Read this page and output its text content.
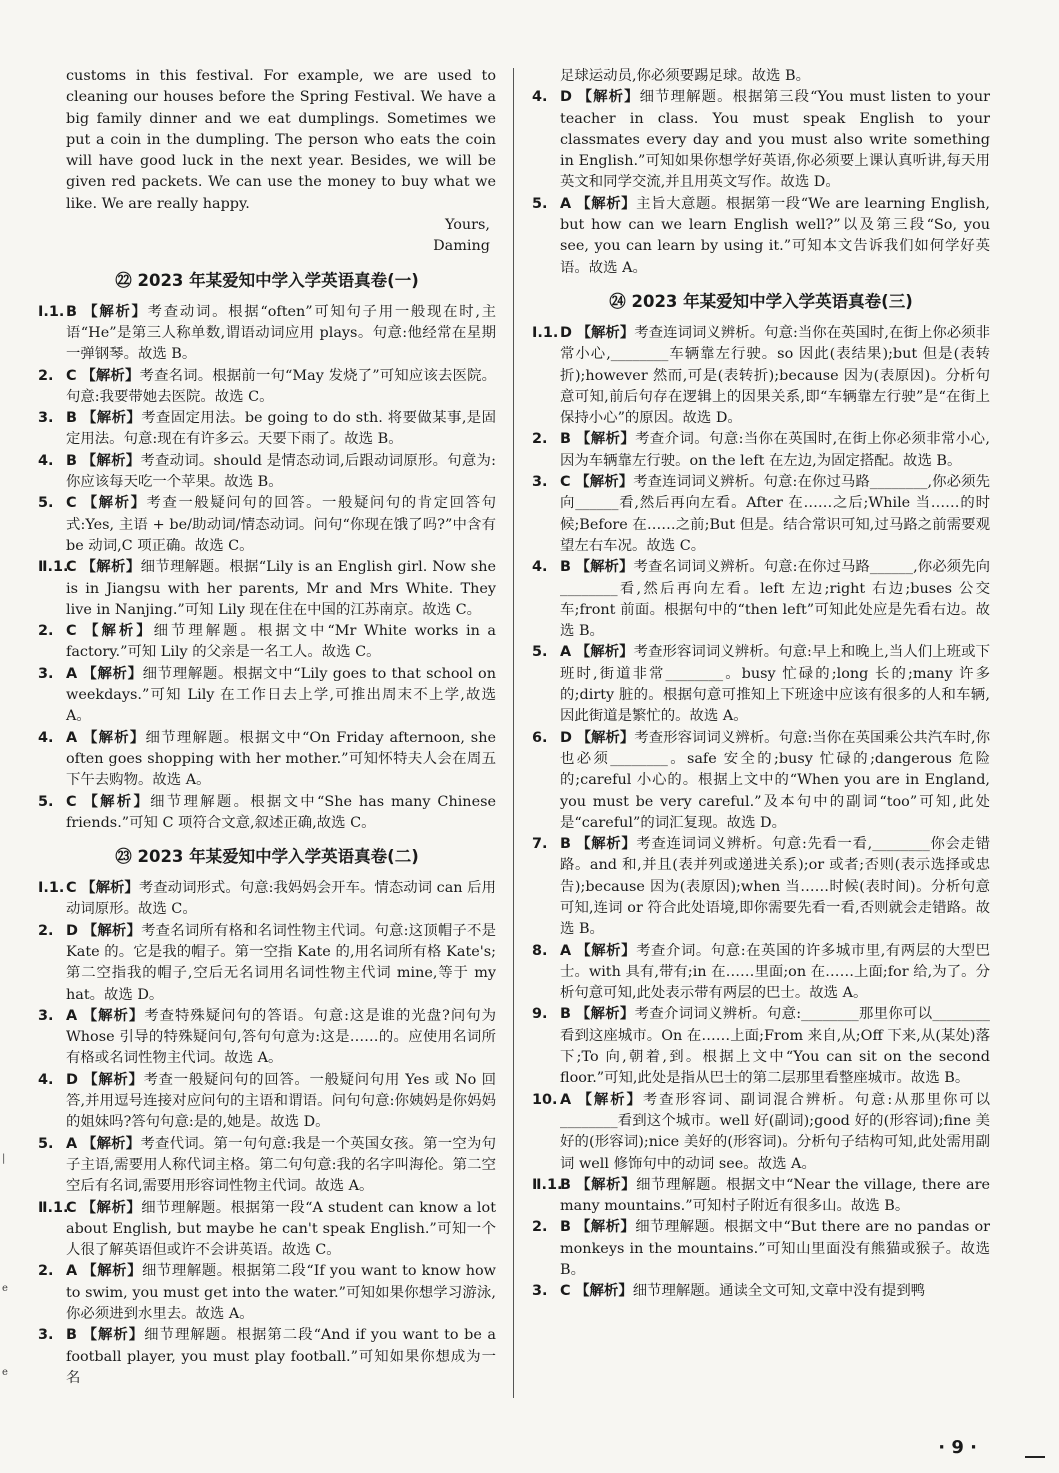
customs in this festival. For example, we are used to cleaning our houses before the Spring Festival. We have a big family dinner and we eat dumplings. Sometimes we put a coin in the dumpling. The person who eats the coin will have good luck in the next year. Besides, we will be given red packets. We can use the money to buy what we like. We are really happy.

Yours,

Daming

㉒ 2023 年某爱知中学入学英语真卷(一)

Ⅰ.1. B 【解析】考查动词。根据“often”可知句子用一般现在时,主语“He”是第三人称单数,谓语动词应用 plays。句意:他经常在星期一弹钢琴。故选 B。

2. C 【解析】考查名词。根据前一句“May 发烧了”可知应该去医院。句意:我要带她去医院。故选 C。

3. B 【解析】考查固定用法。be going to do sth. 将要做某事,是固定用法。句意:现在有许多云。天要下雨了。故选 B。

4. B 【解析】考查动词。should 是情态动词,后跟动词原形。句意为:你应该每天吃一个苹果。故选 B。

5. C 【解析】考查一般疑问句的回答。一般疑问句的肯定回答句式:Yes, 主语 + be/助动词/情态动词。问句“你现在饿了吗?”中含有 be 动词,C 项正确。故选 C。

Ⅱ.1.
C 【解析】细节理解题。根据“Lily is an English girl. Now she is in Jiangsu with her parents, Mr and Mrs White. They live in Nanjing.”可知 Lily 现在住在中国的江苏南京。故选 C。

2. C 【解析】细节理解题。根据文中“Mr White works in a factory.”可知 Lily 的父亲是一名工人。故选 C。

3. A 【解析】细节理解题。根据文中“Lily goes to that school on weekdays.”可知 Lily 在工作日去上学,可推出周末不上学,故选 A。

4. A 【解析】细节理解题。根据文中“On Friday afternoon, she often goes shopping with her mother.”可知怀特夫人会在周五下午去购物。故选 A。

5. C 【解析】细节理解题。根据文中“She has many Chinese friends.”可知 C 项符合文意,叙述正确,故选 C。

㉓ 2023 年某爱知中学入学英语真卷(二)

Ⅰ.1. C 【解析】考查动词形式。句意:我妈妈会开车。情态动词 can 后用动词原形。故选 C。

2. D 【解析】考查名词所有格和名词性物主代词。句意:这顶帽子不是 Kate 的。它是我的帽子。第一空指 Kate 的,用名词所有格 Kate's;第二空指我的帽子,空后无名词用名词性物主代词 mine,等于 my hat。故选 D。

3. A 【解析】考查特殊疑问句的答语。句意:这是谁的光盘?问句为 Whose 引导的特殊疑问句,答句句意为:这是……的。应使用名词所有格或名词性物主代词。故选 A。

4. D 【解析】考查一般疑问句的回答。一般疑问句用 Yes 或 No 回答,并用逗号连接对应问句的主语和谓语。问句句意:你姨妈是你妈妈的姐妹吗?答句句意:是的,她是。故选 D。

5. A 【解析】考查代词。第一句句意:我是一个英国女孩。第一空为句子主语,需要用人称代词主格。第二句句意:我的名字叫海伦。第二空空后有名词,需要用形容词性物主代词。故选 A。

Ⅱ.1.
C 【解析】细节理解题。根据第一段“A student can know a lot about English, but maybe he can't speak English.”可知一个人很了解英语但或许不会讲英语。故选 C。

2. A 【解析】细节理解题。根据第二段“If you want to know how to swim, you must get into the water.”可知如果你想学习游泳,你必须进到水里去。故选 A。

3. B 【解析】细节理解题。根据第二段“And if you want to be a football player, you must play football.”可知如果你想成为一名

足球运动员,你必须要踢足球。故选 B。

4. D 【解析】细节理解题。根据第三段“You must listen to your teacher in class. You must speak English to your classmates every day and you must also write something in English.”可知如果你想学好英语,你必须要上课认真听讲,每天用英文和同学交流,并且用英文写作。故选 D。

5. A 【解析】主旨大意题。根据第一段“We are learning English, but how can we learn English well?”以及第三段“So, you see, you can learn by using it.”可知本文告诉我们如何学好英语。故选 A。

㉔ 2023 年某爱知中学入学英语真卷(三)

Ⅰ.1. D 【解析】考查连词词义辨析。句意:当你在英国时,在街上你必须非常小心,________车辆靠左行驶。so 因此(表结果);but 但是(表转折);however 然而,可是(表转折);because 因为(表原因)。分析句意可知,前后句存在逻辑上的因果关系,即“车辆靠左行驶”是“在街上保持小心”的原因。故选 D。

2. B 【解析】考查介词。句意:当你在英国时,在街上你必须非常小心,因为车辆靠左行驶。on the left 在左边,为固定搭配。故选 B。

3. C 【解析】考查连词词义辨析。句意:在你过马路________,你必须先向______看,然后再向左看。After 在……之后;While 当……的时候;Before 在……之前;But 但是。结合常识可知,过马路之前需要观望左右车况。故选 C。

4. B 【解析】考查名词词义辨析。句意:在你过马路______,你必须先向________看,然后再向左看。left 左边;right 右边;buses 公交车;front 前面。根据句中的“then left”可知此处应是先看右边。故选 B。

5. A 【解析】考查形容词词义辨析。句意:早上和晚上,当人们上班或下班时,街道非常________。busy 忙碌的;long 长的;many 许多的;dirty 脏的。根据句意可推知上下班途中应该有很多的人和车辆,因此街道是繁忙的。故选 A。

6. D 【解析】考查形容词词义辨析。句意:当你在英国乘公共汽车时,你也必须________。safe 安全的;busy 忙碌的;dangerous 危险的;careful 小心的。根据上文中的“When you are in England, you must be very careful.”及本句中的副词“too”可知,此处是“careful”的词汇复现。故选 D。

7. B 【解析】考查连词词义辨析。句意:先看一看,________你会走错路。and 和,并且(表并列或递进关系);or 或者;否则(表示选择或忠告);because 因为(表原因);when 当……时候(表时间)。分析句意可知,连词 or 符合此处语境,即你需要先看一看,否则就会走错路。故选 B。

8. A 【解析】考查介词。句意:在英国的许多城市里,有两层的大型巴士。with 具有,带有;in 在……里面;on 在……上面;for 给,为了。分析句意可知,此处表示带有两层的巴士。故选 A。

9. B 【解析】考查介词词义辨析。句意:________那里你可以________看到这座城市。On 在……上面;From 来自,从;Off 下来,从(某处)落下;To 向,朝着,到。根据上文中“You can sit on the second floor.”可知,此处是指从巴士的第二层那里看整座城市。故选 B。

10. A 【解析】考查形容词、副词混合辨析。句意:从那里你可以________看到这个城市。well 好(副词);good 好的(形容词);fine 美好的(形容词);nice 美好的(形容词)。分析句子结构可知,此处需用副词 well 修饰句中的动词 see。故选 A。

Ⅱ.1.
B 【解析】细节理解题。根据文中“Near the village, there are many mountains.”可知村子附近有很多山。故选 B。

2. B 【解析】细节理解题。根据文中“But there are no pandas or monkeys in the mountains.”可知山里面没有熊猫或猴子。故选 B。

3. C 【解析】细节理解题。通读全文可知,文章中没有提到鸭

· 9 ·
|
e
e
